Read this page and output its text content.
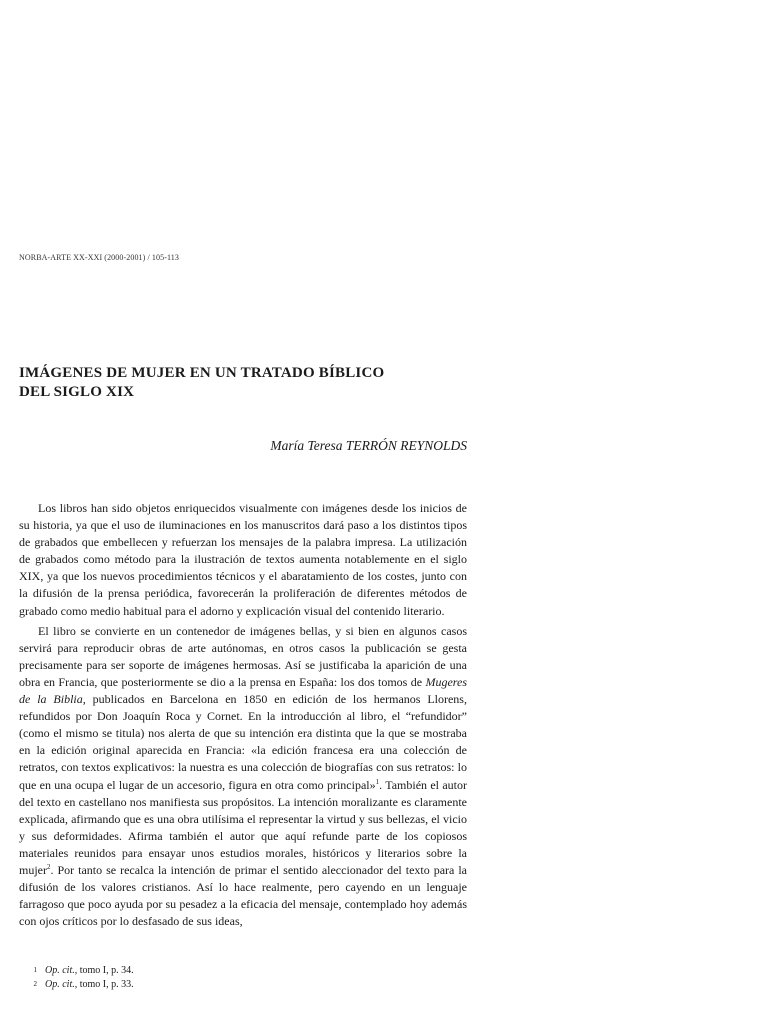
NORBA-ARTE XX-XXI (2000-2001) / 105-113
IMÁGENES DE MUJER EN UN TRATADO BÍBLICO
DEL SIGLO XIX
María Teresa TERRÓN REYNOLDS

Los libros han sido objetos enriquecidos visualmente con imágenes desde los inicios de su historia, ya que el uso de iluminaciones en los manuscritos dará paso a los distintos tipos de grabados que embellecen y refuerzan los mensajes de la palabra impresa. La utilización de grabados como método para la ilustración de textos aumenta notablemente en el siglo XIX, ya que los nuevos procedimientos técnicos y el abaratamiento de los costes, junto con la difusión de la prensa periódica, favorecerán la proliferación de diferentes métodos de grabado como medio habitual para el adorno y explicación visual del contenido literario.

El libro se convierte en un contenedor de imágenes bellas, y si bien en algunos casos servirá para reproducir obras de arte autónomas, en otros casos la publicación se gesta precisamente para ser soporte de imágenes hermosas. Así se justificaba la aparición de una obra en Francia, que posteriormente se dio a la prensa en España: los dos tomos de Mugeres de la Biblia, publicados en Barcelona en 1850 en edición de los hermanos Llorens, refundidos por Don Joaquín Roca y Cornet. En la introducción al libro, el “refundidor” (como el mismo se titula) nos alerta de que su intención era distinta que la que se mostraba en la edición original aparecida en Francia: «la edición francesa era una colección de retratos, con textos explicativos: la nuestra es una colección de biografías con sus retratos: lo que en una ocupa el lugar de un accesorio, figura en otra como principal»$^1$. También el autor del texto en castellano nos manifiesta sus propósitos. La intención moralizante es claramente explicada, afirmando que es una obra utilísima el representar la virtud y sus bellezas, el vicio y sus deformidades. Afirma también el autor que aquí refunde parte de los copiosos materiales reunidos para ensayar unos estudios morales, históricos y literarios sobre la mujer$^2$. Por tanto se recalca la intención de primar el sentido aleccionador del texto para la difusión de los valores cristianos. Así lo hace realmente, pero cayendo en un lenguaje farragoso que poco ayuda por su pesadez a la eficacia del mensaje, contemplado hoy además con ojos críticos por lo desfasado de sus ideas,

1 Op. cit., tomo I, p. 34.
2 Op. cit., tomo I, p. 33.
